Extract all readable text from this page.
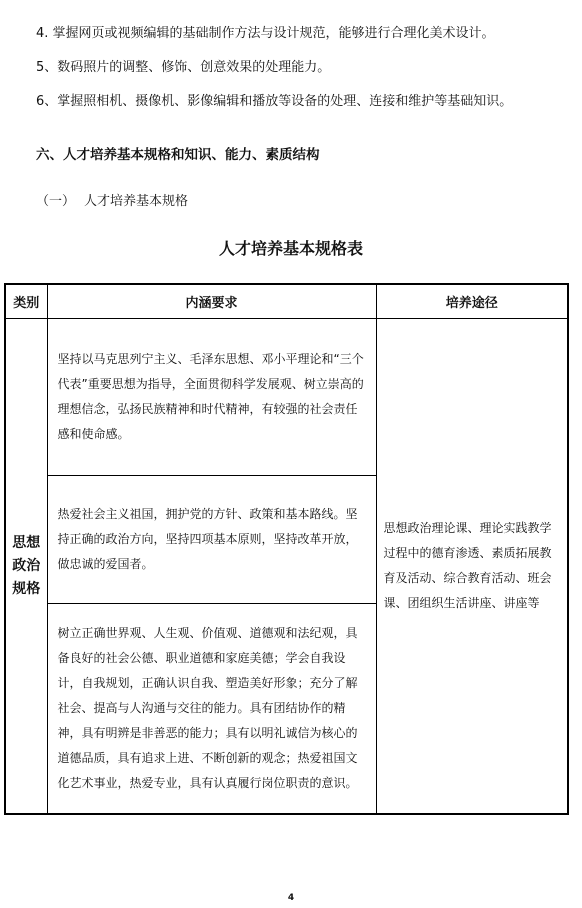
4. 掌握网页或视频编辑的基础制作方法与设计规范，能够进行合理化美术设计。
5、数码照片的调整、修饰、创意效果的处理能力。
6、掌握照相机、摄像机、影像编辑和播放等设备的处理、连接和维护等基础知识。
六、人才培养基本规格和知识、能力、素质结构
（一） 人才培养基本规格
人才培养基本规格表
类别	内涵要求	培养途径

思想
政治
规格	坚持以马克思列宁主义、毛泽东思想、邓小平理论和“三个代表”重要思想为指导，全面贯彻科学发展观、树立崇高的理想信念，弘扬民族精神和时代精神，有较强的社会责任感和使命感。	思想政治理论课、理论实践教学过程中的德育渗透、素质拓展教育及活动、综合教育活动、班会课、团组织生活讲座、讲座等
	热爱社会主义祖国，拥护党的方针、政策和基本路线。坚持正确的政治方向，坚持四项基本原则，坚持改革开放，做忠诚的爱国者。	
	树立正确世界观、人生观、价值观、道德观和法纪观，具备良好的社会公德、职业道德和家庭美德；学会自我设计，自我规划，正确认识自我、塑造美好形象；充分了解社会、提高与人沟通与交往的能力。具有团结协作的精神，具有明辨是非善恶的能力；具有以明礼诚信为核心的道德品质，具有追求上进、不断创新的观念；热爱祖国文化艺术事业，热爱专业，具有认真履行岗位职责的意识。	
4
